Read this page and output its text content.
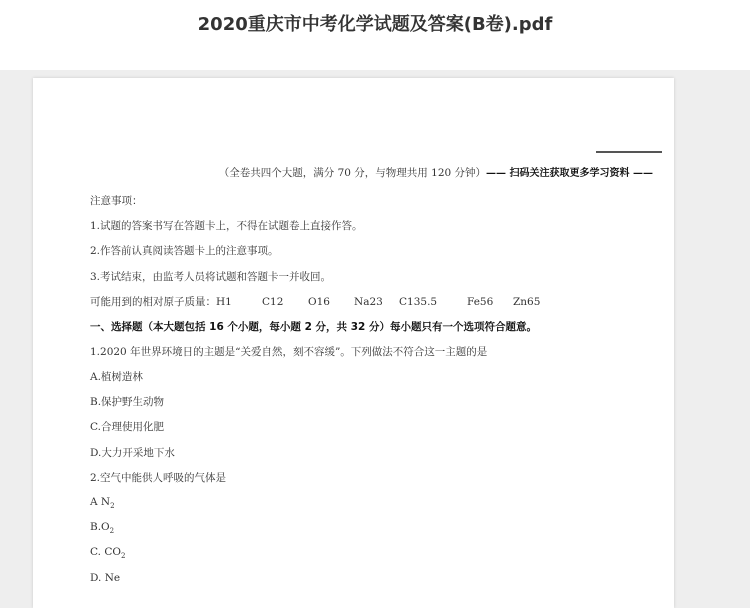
2020重庆市中考化学试题及答案(B卷).pdf
（全卷共四个大题，满分 70 分，与物理共用 120 分钟）—— 扫码关注获取更多学习资料 ——
注意事项：
1.试题的答案书写在答题卡上，不得在试题卷上直接作答。
2.作答前认真阅读答题卡上的注意事项。
3.考试结束，由监考人员将试题和答题卡一并收回。
可能用到的相对原子质量：H1	C12 O16 Na23 C135.5	Fe56 Zn65
一、选择题（本大题包括 16 个小题，每小题 2 分，共 32 分）每小题只有一个选项符合题意。
1.2020 年世界环境日的主题是“关爱自然，刻不容缓”。下列做法不符合这一主题的是
A.植树造林
B.保护野生动物
C.合理使用化肥
D.大力开采地下水
2.空气中能供人呼吸的气体是
A $N_2$
$B.O_2$
C. $CO_2$
D. Ne
